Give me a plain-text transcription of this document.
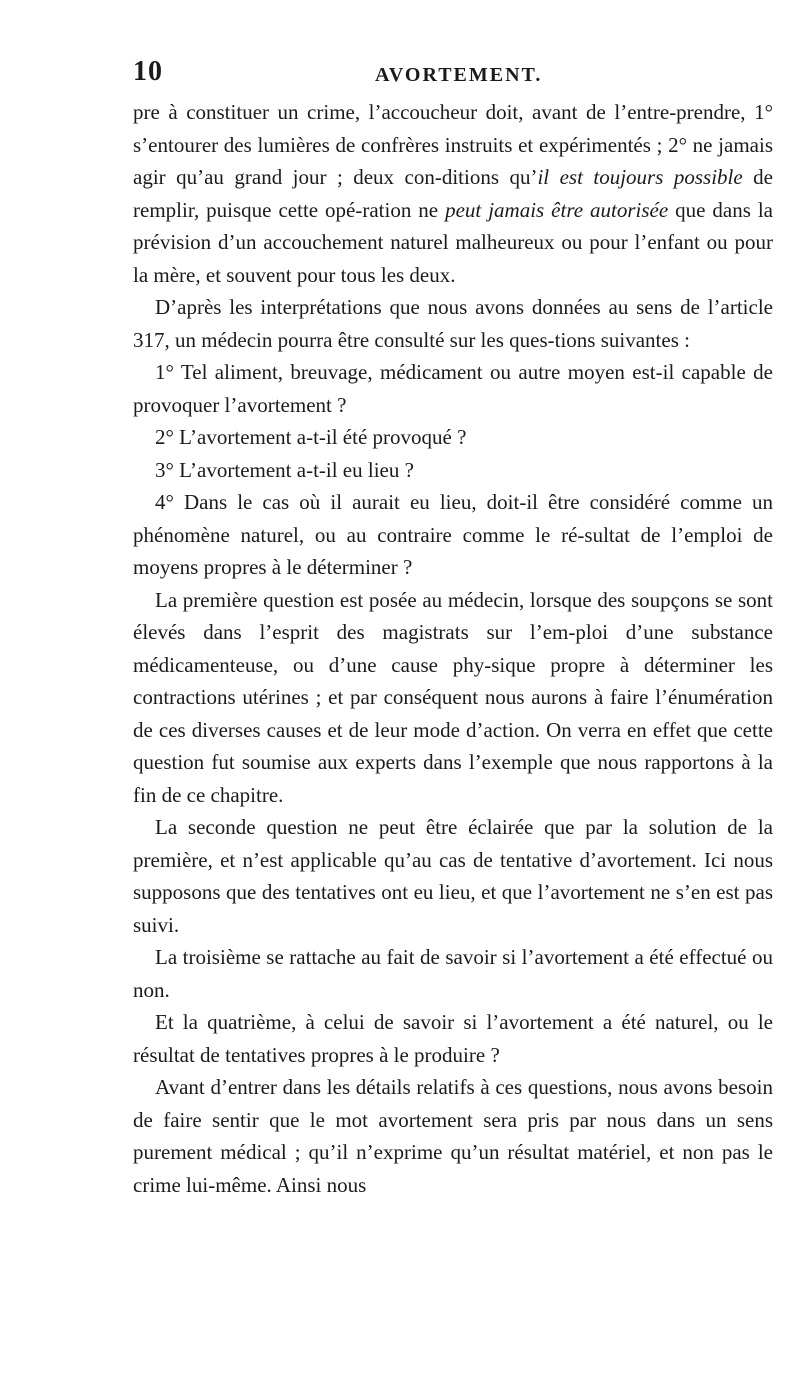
10	AVORTEMENT.

pre à constituer un crime, l’accoucheur doit, avant de l’entre-prendre, 1° s’entourer des lumières de confrères instruits et expérimentés ; 2° ne jamais agir qu’au grand jour ; deux con-ditions qu’il est toujours possible de remplir, puisque cette opé-ration ne peut jamais être autorisée que dans la prévision d’un accouchement naturel malheureux ou pour l’enfant ou pour la mère, et souvent pour tous les deux.

D’après les interprétations que nous avons données au sens de l’article 317, un médecin pourra être consulté sur les ques-tions suivantes :

1° Tel aliment, breuvage, médicament ou autre moyen est-il capable de provoquer l’avortement ?

2° L’avortement a-t-il été provoqué ?

3° L’avortement a-t-il eu lieu ?

4° Dans le cas où il aurait eu lieu, doit-il être considéré comme un phénomène naturel, ou au contraire comme le ré-sultat de l’emploi de moyens propres à le déterminer ?

La première question est posée au médecin, lorsque des soupçons se sont élevés dans l’esprit des magistrats sur l’em-ploi d’une substance médicamenteuse, ou d’une cause phy-sique propre à déterminer les contractions utérines ; et par conséquent nous aurons à faire l’énumération de ces diverses causes et de leur mode d’action. On verra en effet que cette question fut soumise aux experts dans l’exemple que nous rapportons à la fin de ce chapitre.

La seconde question ne peut être éclairée que par la solution de la première, et n’est applicable qu’au cas de tentative d’avortement. Ici nous supposons que des tentatives ont eu lieu, et que l’avortement ne s’en est pas suivi.

La troisième se rattache au fait de savoir si l’avortement a été effectué ou non.

Et la quatrième, à celui de savoir si l’avortement a été naturel, ou le résultat de tentatives propres à le produire ?

Avant d’entrer dans les détails relatifs à ces questions, nous avons besoin de faire sentir que le mot avortement sera pris par nous dans un sens purement médical ; qu’il n’exprime qu’un résultat matériel, et non pas le crime lui-même. Ainsi nous
